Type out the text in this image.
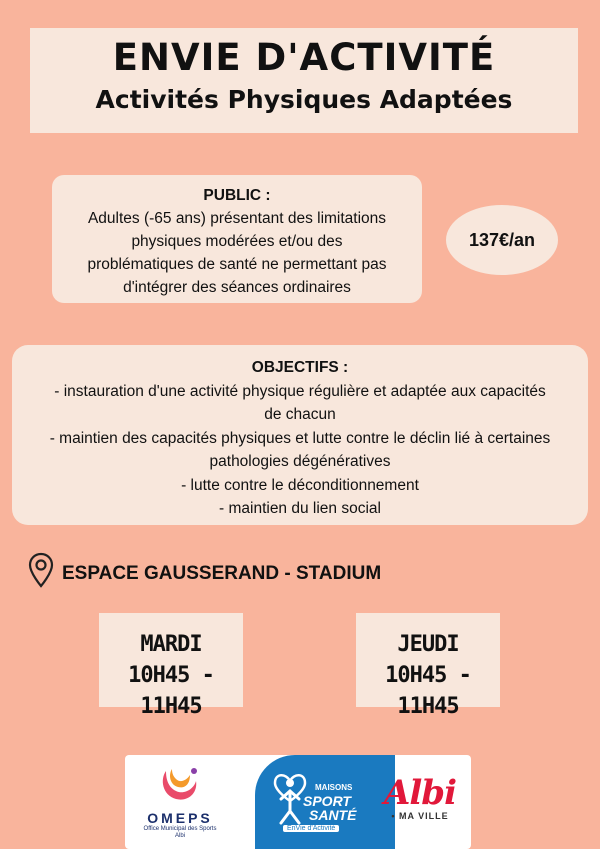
ENVIE D'ACTIVITÉ
Activités Physiques Adaptées
PUBLIC :
Adultes (-65 ans) présentant des limitations
physiques modérées et/ou des
problématiques de santé ne permettant pas
d'intégrer des séances ordinaires
137€/an
OBJECTIFS :
- instauration d'une activité physique régulière et adaptée aux capacités
de chacun
- maintien des capacités physiques et lutte contre le déclin lié à certaines
pathologies dégénératives
- lutte contre le déconditionnement
- maintien du lien social
ESPACE GAUSSERAND - STADIUM
MARDI
10H45 - 11H45
JEUDI
10H45 - 11H45
OMEPS
Office Municipal des Sports
Albi
MAISONS
SPORT
SANTÉ
EnVie d'Activité
Albi
• MA VILLE
